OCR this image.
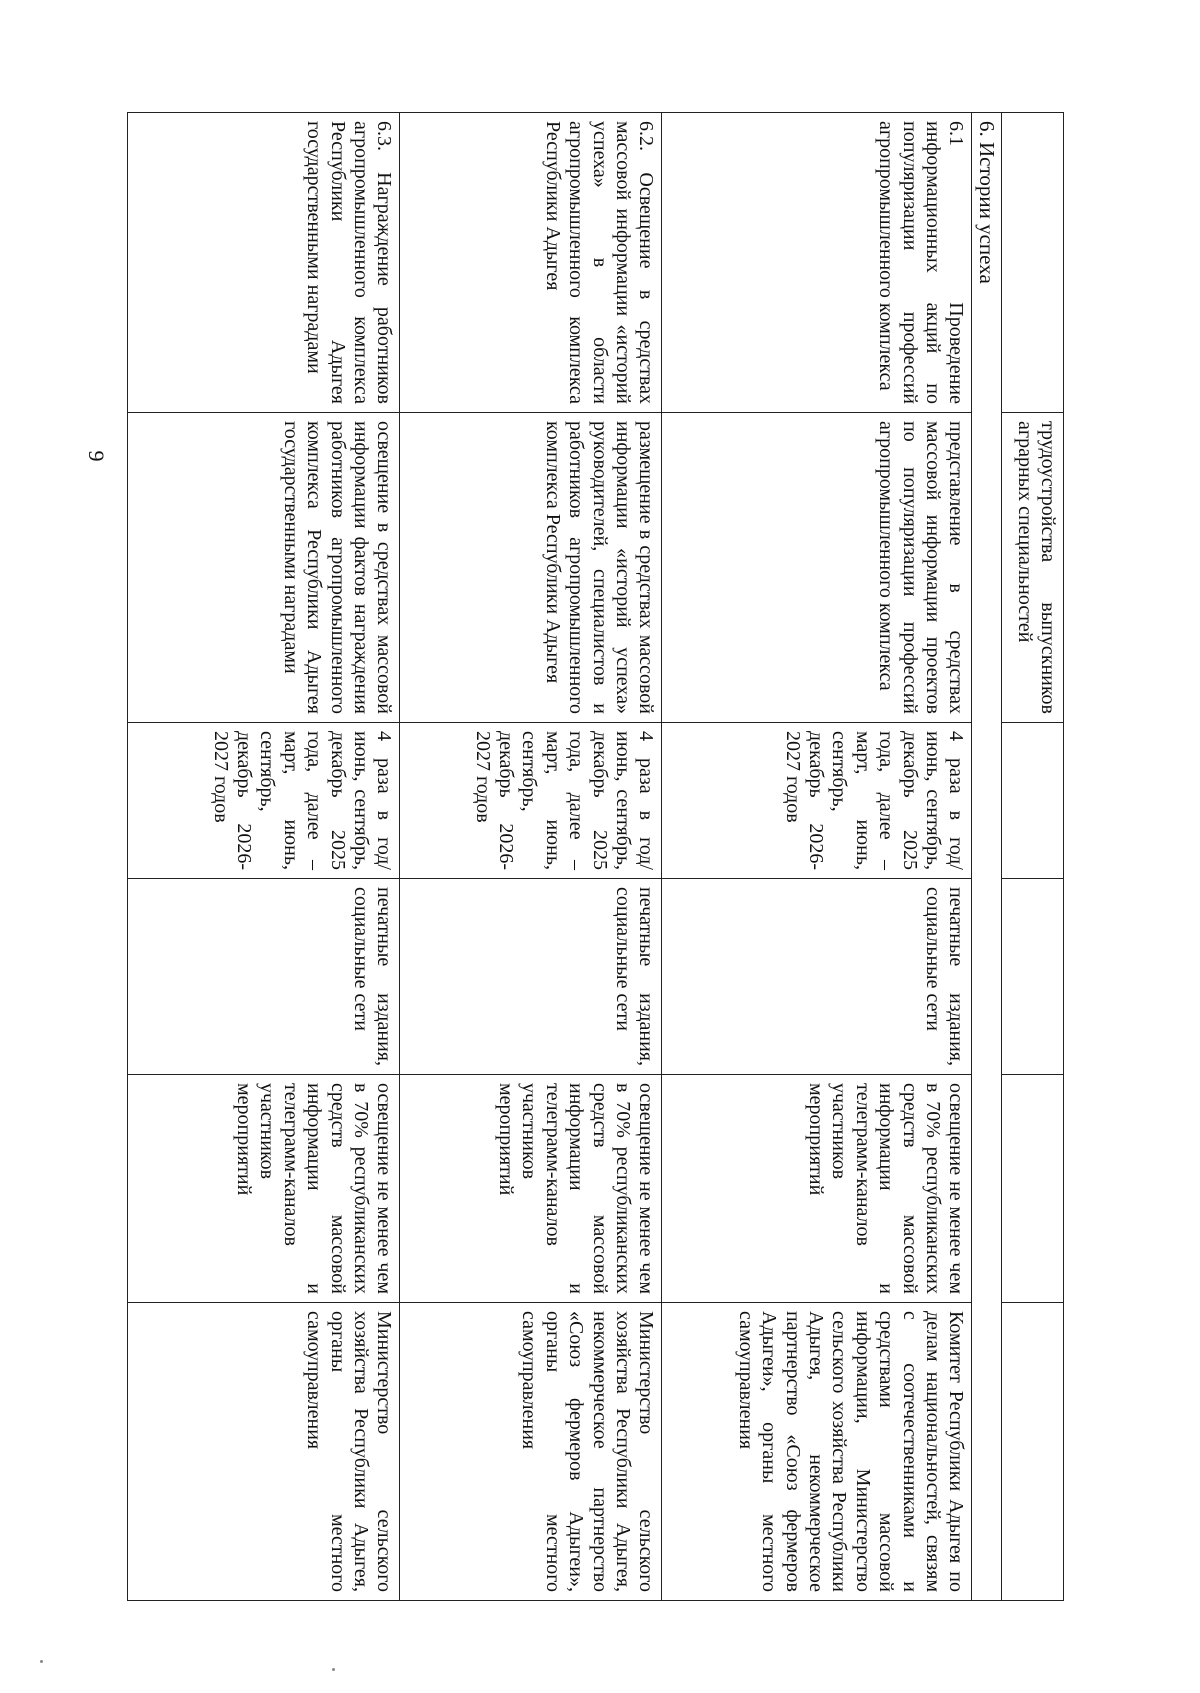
9
		трудоустройства выпускников аграрных специальностей				
6. Истории успеха					
6.1 Проведение информационных акций по популяризации профессий агропромышленного комплекса	представление в средствах массовой информации проектов по популяризации профессий агропромышленного комплекса	4 раза в год/ июнь, сентябрь, декабрь 2025 года, далее – март, июнь, сентябрь, декабрь 2026-2027 годов	печатные издания, социальные сети	освещение не менее чем в 70% республиканских средств массовой информации и телеграмм-каналов участников мероприятий	Комитет Республики Адыгея по делам национальностей, связям с соотечественниками и средствами массовой информации, Министерство сельского хозяйства Республики Адыгея, некоммерческое партнерство «Союз фермеров Адыгеи», органы местного самоуправления
6.2. Освещение в средствах массовой информации «историй успеха» в области агропромышленного комплекса Республики Адыгея	размещение в средствах массовой информации «историй успеха» руководителей, специалистов и работников агропромышленного комплекса Республики Адыгея	4 раза в год/ июнь, сентябрь, декабрь 2025 года, далее – март, июнь, сентябрь, декабрь 2026-2027 годов	печатные издания, социальные сети	освещение не менее чем в 70% республиканских средств массовой информации и телеграмм-каналов участников мероприятий	Министерство сельского хозяйства Республики Адыгея, некоммерческое партнерство «Союз фермеров Адыгеи», органы местного самоуправления
6.3. Награждение работников агропромышленного комплекса Республики Адыгея государственными наградами	освещение в средствах массовой информации фактов награждения работников агропромышленного комплекса Республики Адыгея государственными наградами	4 раза в год/ июнь, сентябрь, декабрь 2025 года, далее – март, июнь, сентябрь, декабрь 2026-2027 годов	печатные издания, социальные сети	освещение не менее чем в 70% республиканских средств массовой информации и телеграмм-каналов участников мероприятий	Министерство сельского хозяйства Республики Адыгея, органы местного самоуправления
